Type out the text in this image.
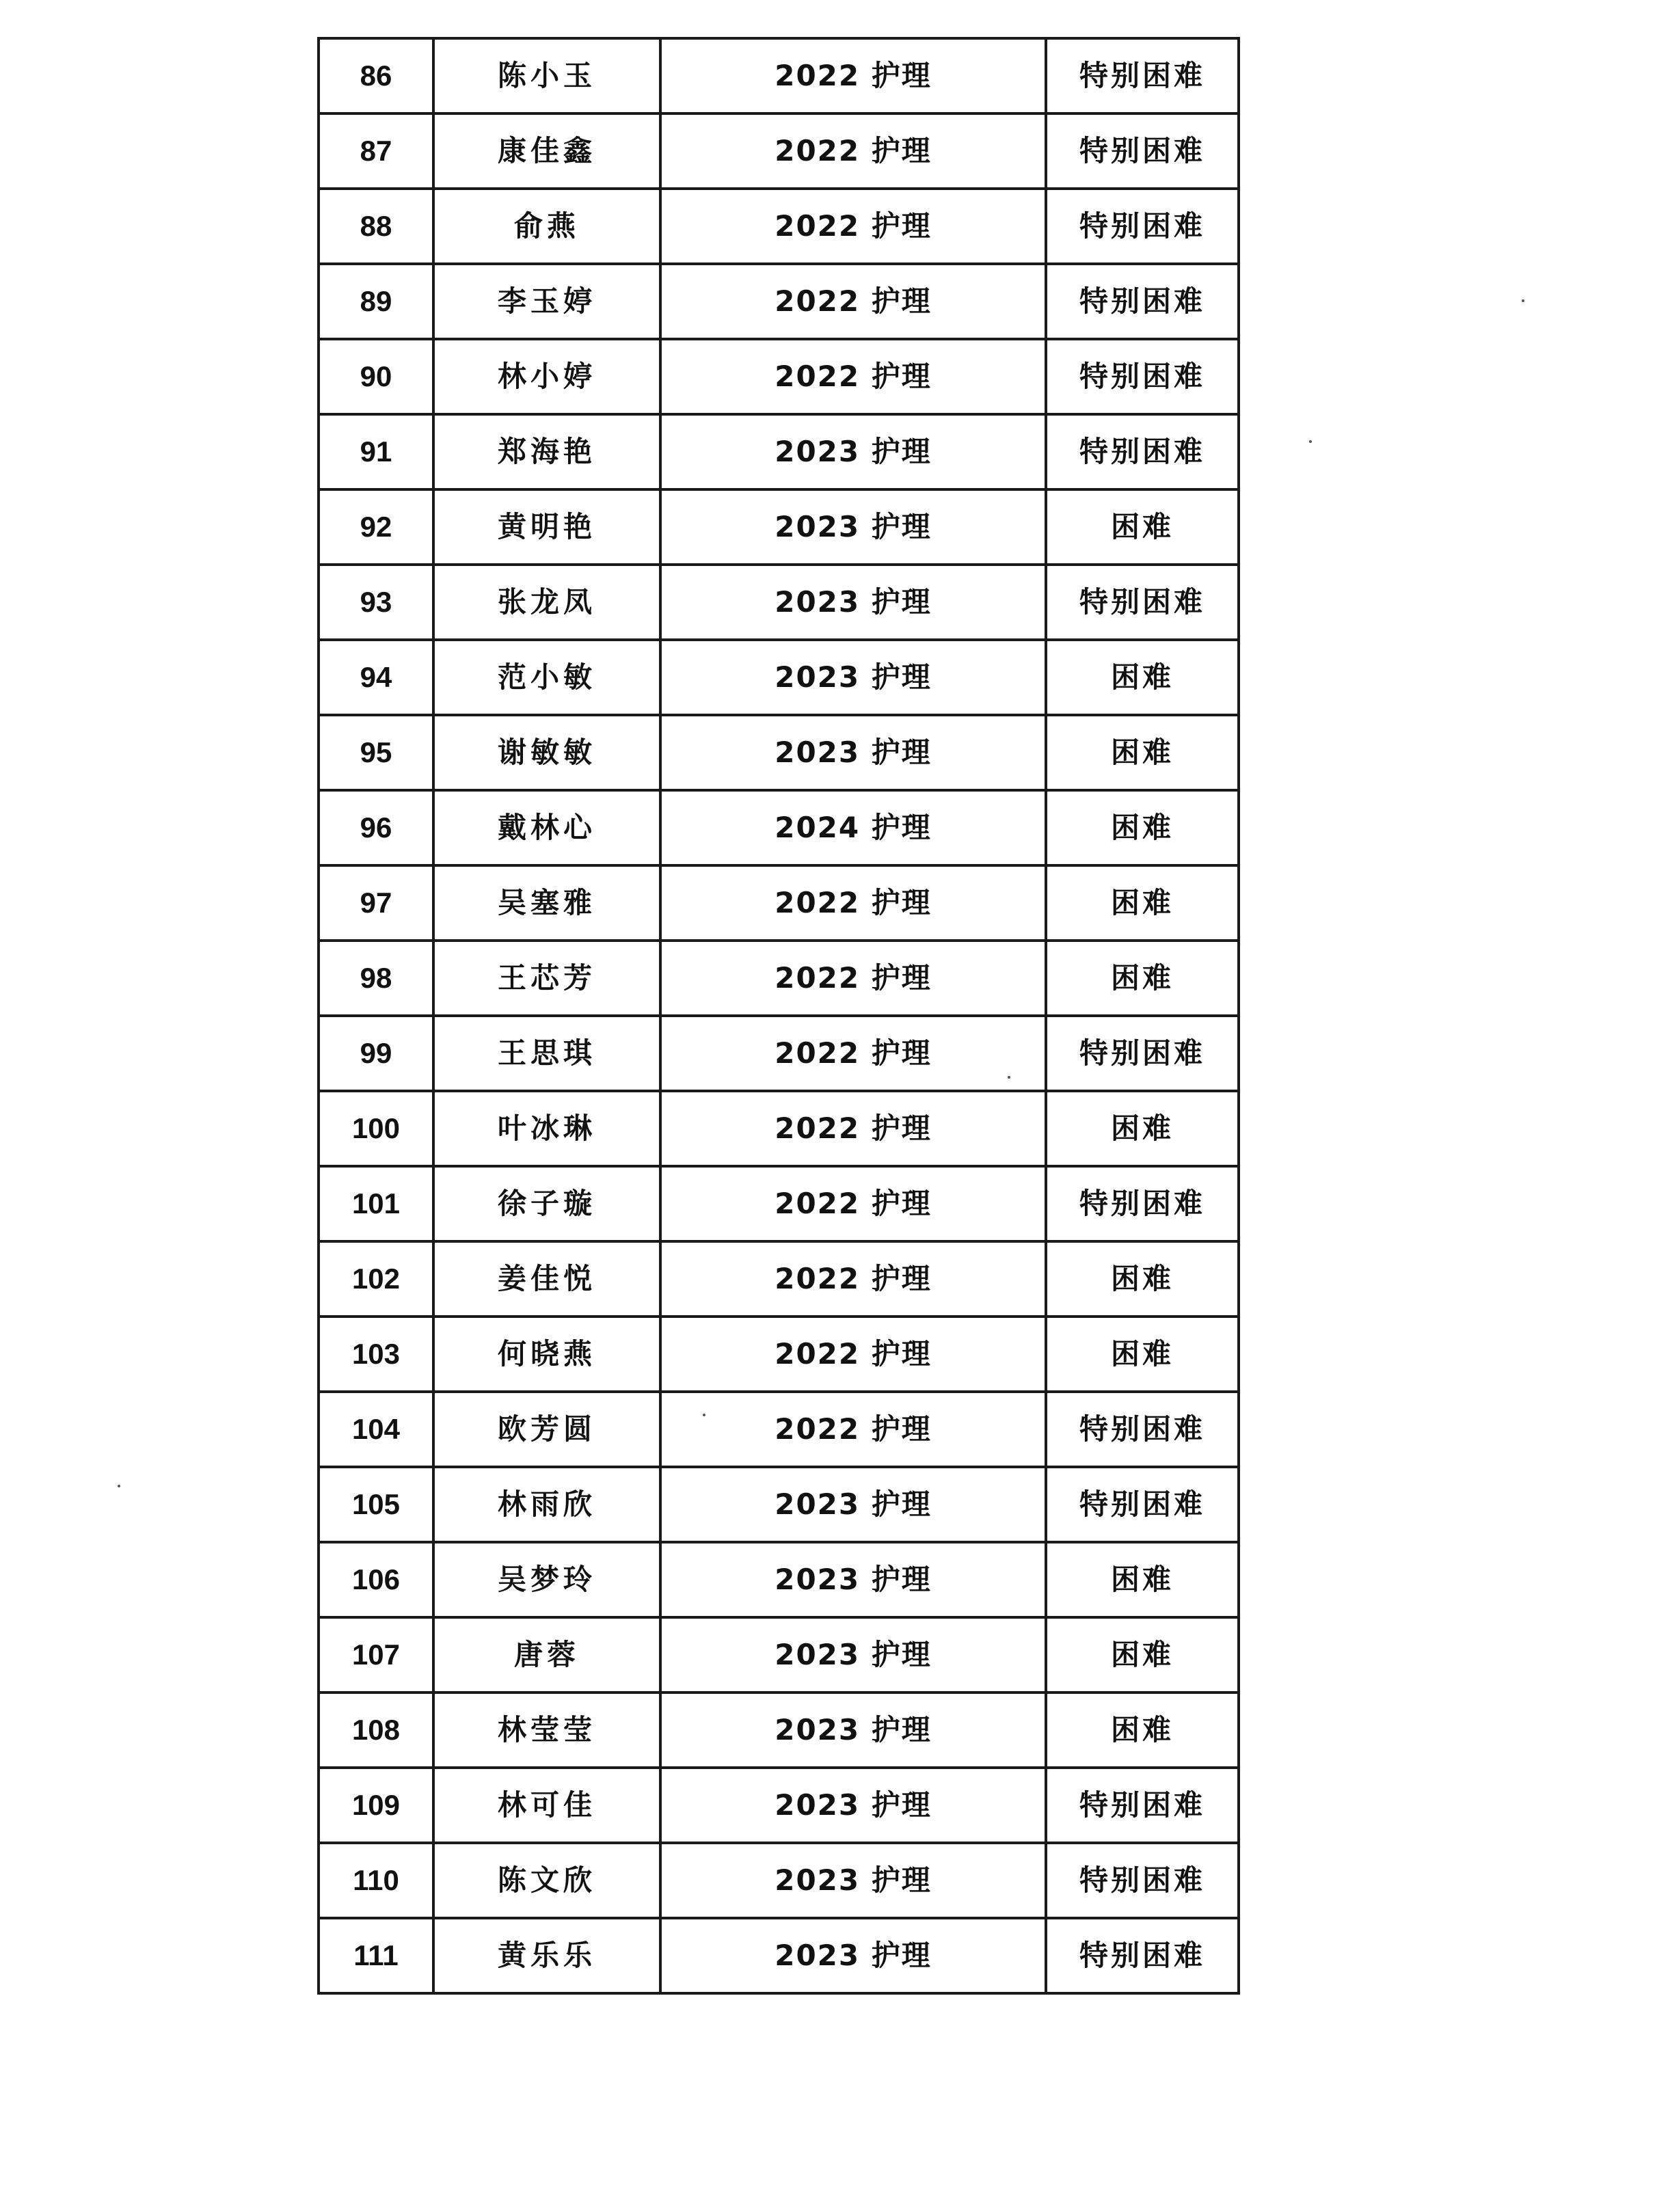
86	陈小玉	2022 护理	特别困难
87	康佳鑫	2022 护理	特别困难
88	俞燕	2022 护理	特别困难
89	李玉婷	2022 护理	特别困难
90	林小婷	2022 护理	特别困难
91	郑海艳	2023 护理	特别困难
92	黄明艳	2023 护理	困难
93	张龙凤	2023 护理	特别困难
94	范小敏	2023 护理	困难
95	谢敏敏	2023 护理	困难
96	戴林心	2024 护理	困难
97	吴塞雅	2022 护理	困难
98	王芯芳	2022 护理	困难
99	王思琪	2022 护理	特别困难
100	叶冰琳	2022 护理	困难
101	徐子璇	2022 护理	特别困难
102	姜佳悦	2022 护理	困难
103	何晓燕	2022 护理	困难
104	欧芳圆	2022 护理	特别困难
105	林雨欣	2023 护理	特别困难
106	吴梦玲	2023 护理	困难
107	唐蓉	2023 护理	困难
108	林莹莹	2023 护理	困难
109	林可佳	2023 护理	特别困难
110	陈文欣	2023 护理	特别困难
111	黄乐乐	2023 护理	特别困难
